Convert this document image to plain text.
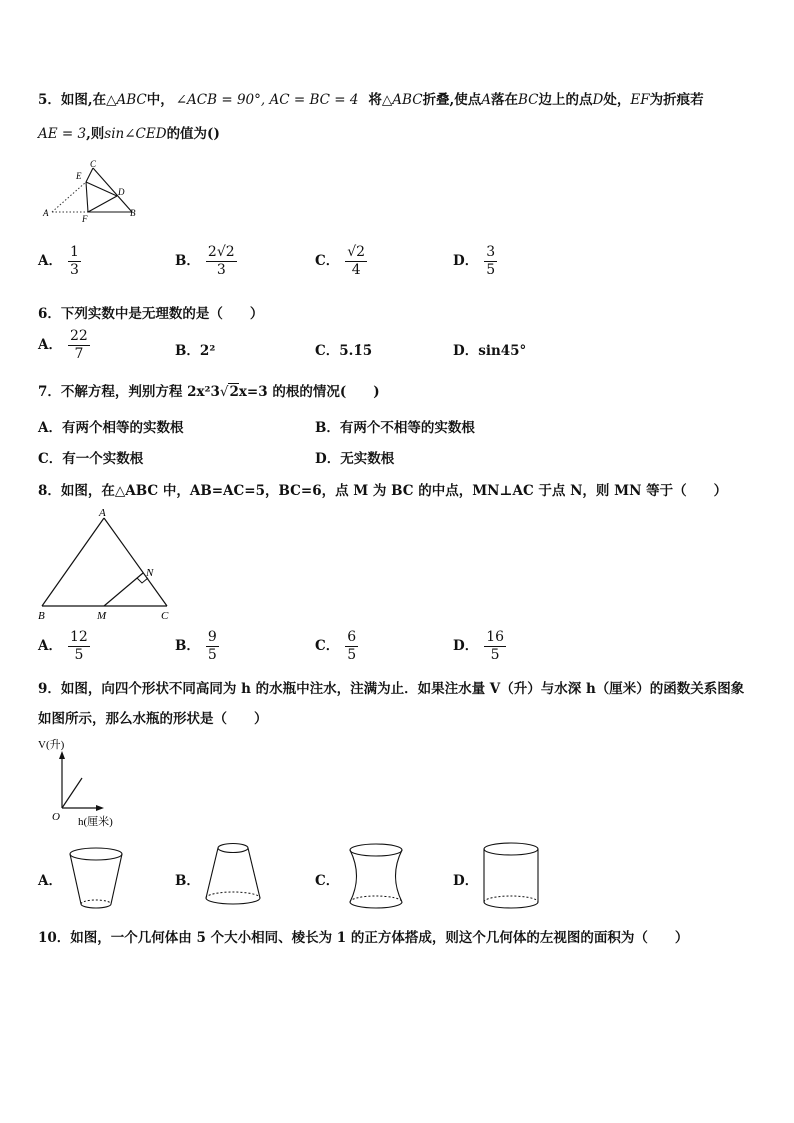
5．如图,在△ABC中， ∠ACB = 90°, AC = BC = 4 将△ABC折叠,使点A落在BC边上的点D处，EF为折痕若
AE = 3,则sin∠CED的值为()
C
E
D
A
F
B
A． $\frac{1}{3}$	B． $\frac{2√2}{3}$	C． $\frac{√2}{4}$	D． $\frac{3}{5}$
6．下列实数中是无理数的是（　　）
A． $\frac{22}{7}$	B．2²	C．5.1̇5̇	D．sin45°
7．不解方程，判别方程 2x²3√2x=3 的根的情况(　　)
A．有两个相等的实数根	B．有两个不相等的实数根
C．有一个实数根	D．无实数根
8．如图，在△ABC 中，AB=AC=5，BC=6，点 M 为 BC 的中点，MN⊥AC 于点 N，则 MN 等于（　　）
A
N
B	M	C
A． $\frac{12}{5}$	B． $\frac{9}{5}$	C． $\frac{6}{5}$	D． $\frac{16}{5}$
9．如图，向四个形状不同高同为 h 的水瓶中注水，注满为止．如果注水量 V（升）与水深 h（厘米）的函数关系图象
如图所示，那么水瓶的形状是（　　）
V(升)
O h(厘米)
A．	B．	C．	D．
10．如图，一个几何体由 5 个大小相同、棱长为 1 的正方体搭成，则这个几何体的左视图的面积为（　　）
